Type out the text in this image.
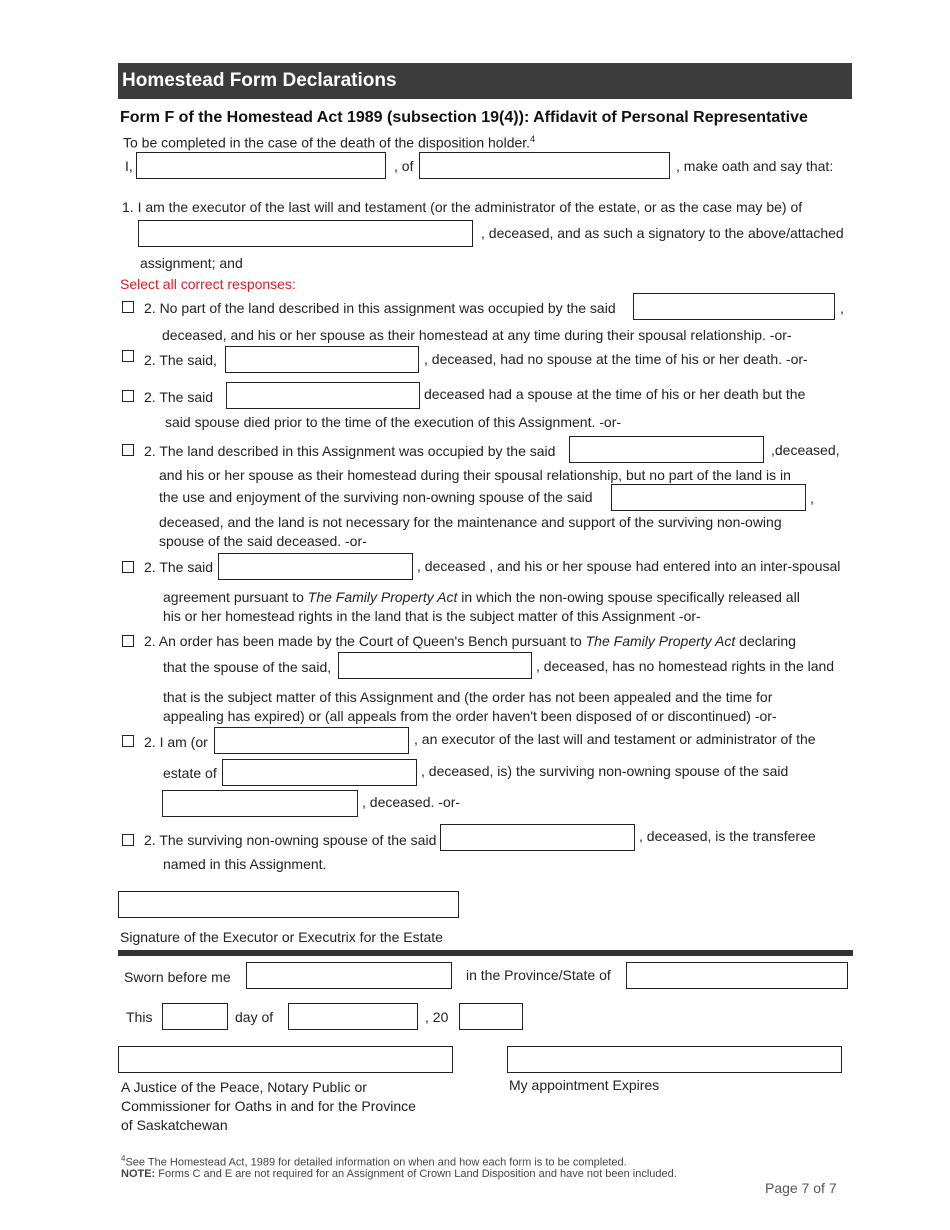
Homestead Form Declarations
Form F of the Homestead Act 1989 (subsection 19(4)): Affidavit of Personal Representative
To be completed in the case of the death of the disposition holder.$^4$
I,	, of	, make oath and say that:
1. I am the executor of the last will and testament (or the administrator of the estate, or as the case may be) of
, deceased, and as such a signatory to the above/attached
assignment; and
Select all correct responses:
2. No part of the land described in this assignment was occupied by the said	,
deceased, and his or her spouse as their homestead at any time during their spousal relationship. -or-
2. The said,	, deceased, had no spouse at the time of his or her death. -or-
2. The said	deceased had a spouse at the time of his or her death but the
said spouse died prior to the time of the execution of this Assignment. -or-
2. The land described in this Assignment was occupied by the said	,deceased,
and his or her spouse as their homestead during their spousal relationship, but no part of the land is in
the use and enjoyment of the surviving non-owning spouse of the said	,
deceased, and the land is not necessary for the maintenance and support of the surviving non-owing
spouse of the said deceased. -or-
2. The said	, deceased , and his or her spouse had entered into an inter-spousal
agreement pursuant to The Family Property Act in which the non-owing spouse specifically released all
his or her homestead rights in the land that is the subject matter of this Assignment -or-
2. An order has been made by the Court of Queen's Bench pursuant to The Family Property Act declaring
that the spouse of the said,	, deceased, has no homestead rights in the land
that is the subject matter of this Assignment and (the order has not been appealed and the time for
appealing has expired) or (all appeals from the order haven't been disposed of or discontinued) -or-
2. I am (or	, an executor of the last will and testament or administrator of the
estate of	, deceased, is) the surviving non-owning spouse of the said
, deceased. -or-
2. The surviving non-owning spouse of the said	, deceased, is the transferee
named in this Assignment.
Signature of the Executor or Executrix for the Estate
Sworn before me	in the Province/State of
This	day of	, 20
A Justice of the Peace, Notary Public or
Commissioner for Oaths in and for the Province
of Saskatchewan
My appointment Expires
$^4$See The Homestead Act, 1989 for detailed information on when and how each form is to be completed.
NOTE: Forms C and E are not required for an Assignment of Crown Land Disposition and have not been included.
Page 7 of 7
